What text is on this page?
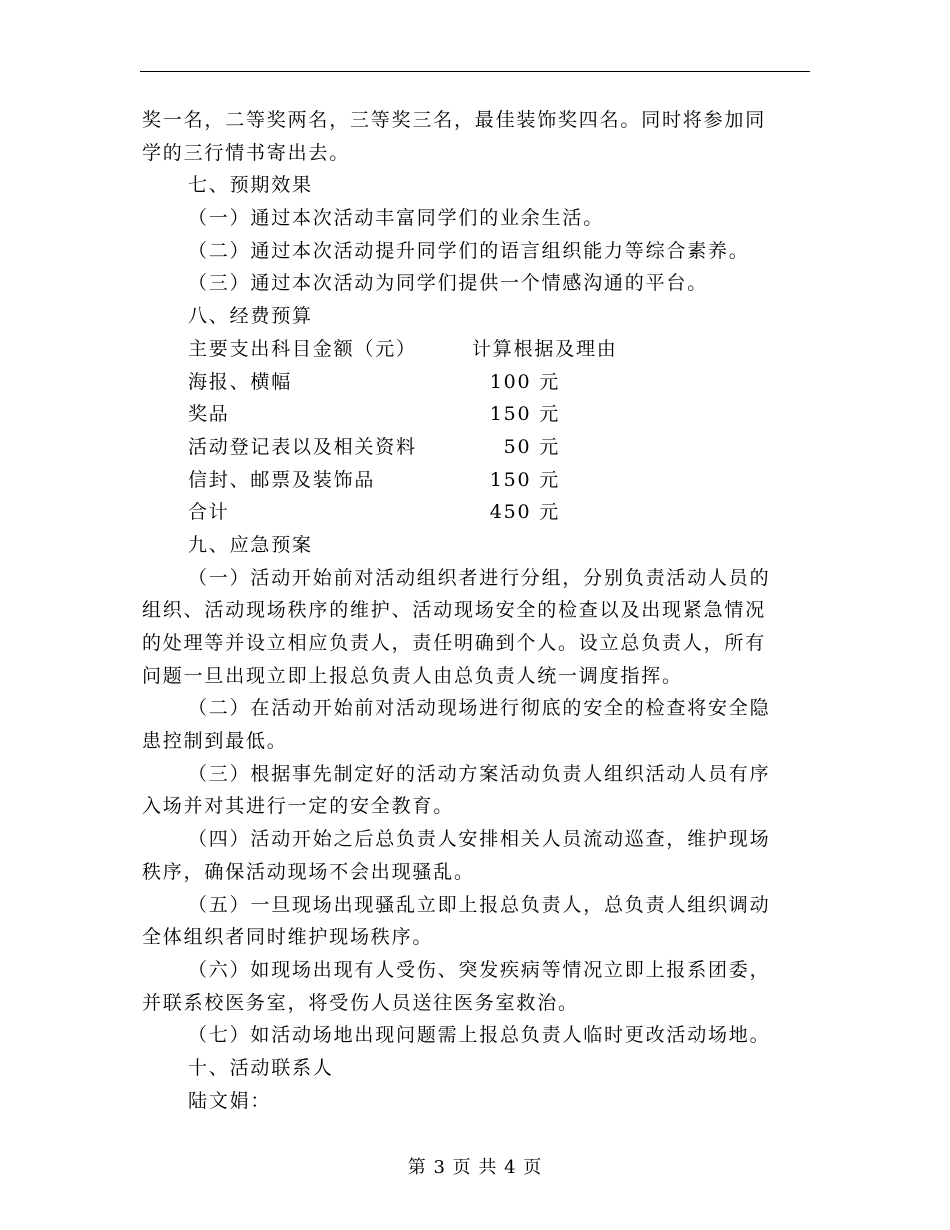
奖一名，二等奖两名，三等奖三名，最佳装饰奖四名。同时将参加同
学的三行情书寄出去。
七、预期效果
（一）通过本次活动丰富同学们的业余生活。
（二）通过本次活动提升同学们的语言组织能力等综合素养。
（三）通过本次活动为同学们提供一个情感沟通的平台。
八、经费预算
主要支出科目金额（元）	计算根据及理由
海报、横幅	100 元
奖品	150 元
活动登记表以及相关资料	50 元
信封、邮票及装饰品	150 元
合计	450 元
九、应急预案
（一）活动开始前对活动组织者进行分组，分别负责活动人员的
组织、活动现场秩序的维护、活动现场安全的检查以及出现紧急情况
的处理等并设立相应负责人，责任明确到个人。设立总负责人，所有
问题一旦出现立即上报总负责人由总负责人统一调度指挥。
（二）在活动开始前对活动现场进行彻底的安全的检查将安全隐
患控制到最低。
（三）根据事先制定好的活动方案活动负责人组织活动人员有序
入场并对其进行一定的安全教育。
（四）活动开始之后总负责人安排相关人员流动巡查，维护现场
秩序，确保活动现场不会出现骚乱。
（五）一旦现场出现骚乱立即上报总负责人，总负责人组织调动
全体组织者同时维护现场秩序。
（六）如现场出现有人受伤、突发疾病等情况立即上报系团委，
并联系校医务室，将受伤人员送往医务室救治。
（七）如活动场地出现问题需上报总负责人临时更改活动场地。
十、活动联系人
陆文娟：
第 3 页 共 4 页
